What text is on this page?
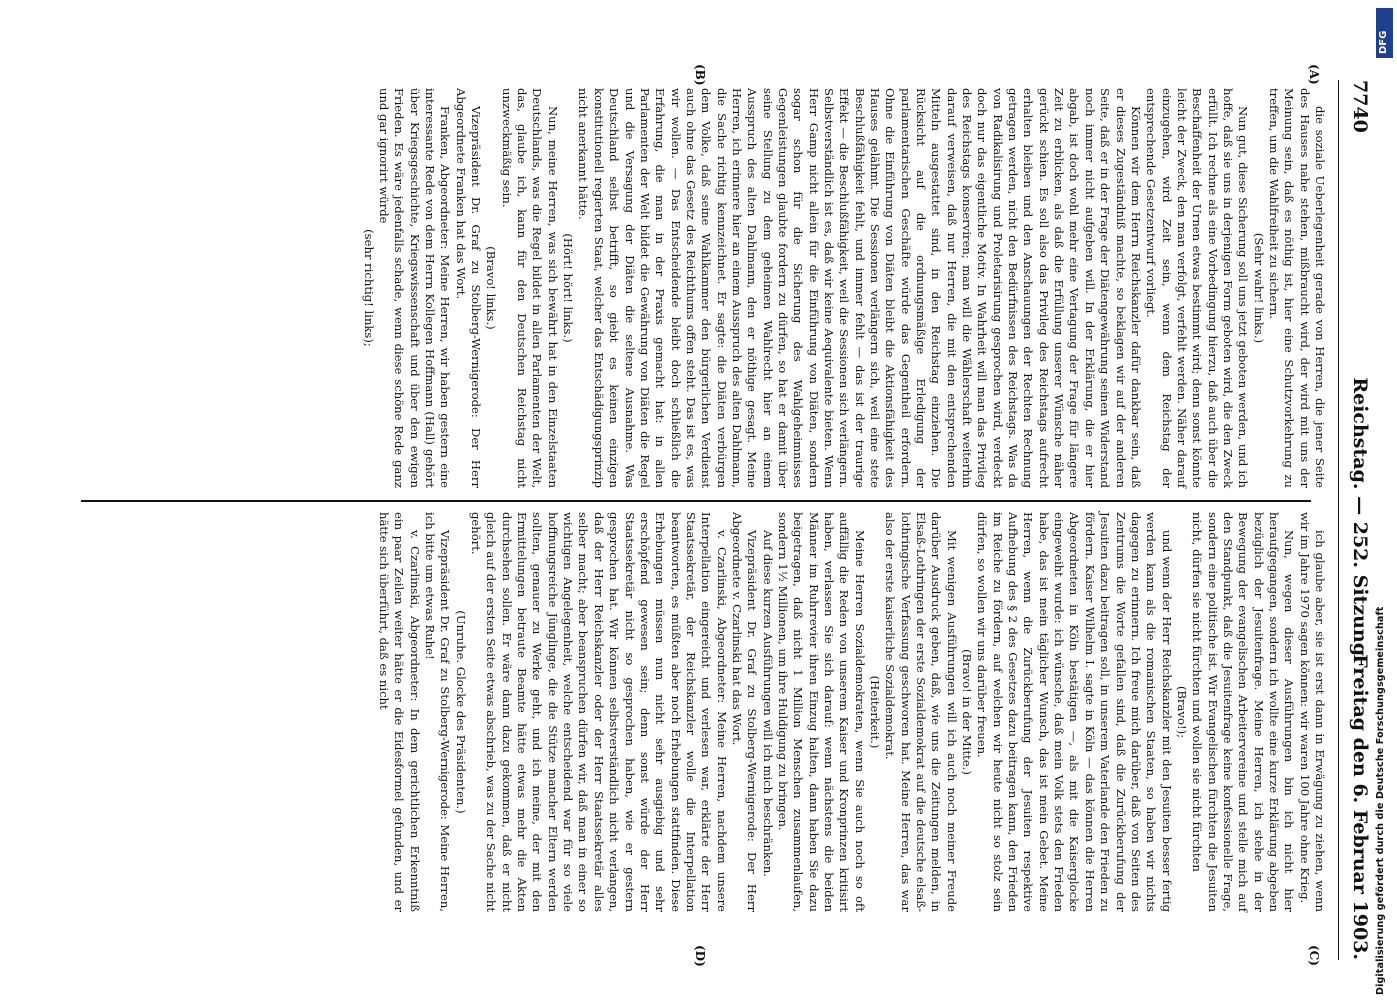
7740
Reichstag. — 252. Sitzung.
Freitag den 6. Februar 1903.
(A)
(B)
(C)
(D)

die soziale Ueberlegenheit gerade von Herren, die jener Seite des Hauses nahe stehen, mißbraucht wird, der wird mit uns der Meinung sein, daß es nöthig ist, hier eine Schutzvorkehrung zu treffen, um die Wahlfreiheit zu sichern.

(Sehr wahr! links.)

Nun gut, diese Sicherung soll uns jetzt geboten werden, und ich hoffe, daß sie uns in derjenigen Form geboten wird, die den Zweck erfüllt. Ich rechne als eine Vorbedingung hierzu, daß auch über die Beschaffenheit der Urnen etwas bestimmt wird; denn sonst könnte leicht der Zweck, den man verfolgt, verfehlt werden. Näher darauf einzugehen, wird Zeit sein, wenn dem Reichstag der entsprechende Gesetzentwurf vorliegt.

Können wir dem Herrn Reichskanzler dafür dankbar sein, daß er dieses Zugeständniß machte, so beklagen wir auf der anderen Seite, daß er in der Frage der Diätengewährung seinen Widerstand noch immer nicht aufgeben will. In der Erklärung, die er hier abgab, ist doch wohl mehr eine Vertagung der Frage für längere Zeit zu erblicken, als daß die Erfüllung unserer Wünsche näher gerückt schien. Es soll also das Privileg des Reichstags aufrecht erhalten bleiben und den Anschauungen der Rechten Rechnung getragen werden, nicht den Bedürfnissen des Reichstags. Was da von Radikalisirung und Proletarisirung gesprochen wird, verdeckt doch nur das eigentliche Motiv. In Wahrheit will man das Privileg des Reichstags konserviren; man will die Wählerschaft weiterhin darauf verweisen, daß nur Herren, die mit den entsprechenden Mitteln ausgestattet sind, in den Reichstag einziehen. Die Rücksicht auf die ordnungsmäßige Erledigung der parlamentarischen Geschäfte würde das Gegentheil erfordern. Ohne die Einführung von Diäten bleibt die Aktionsfähigkeit des Hauses gelähmt. Die Sessionen verlängern sich, weil eine stete Beschlußfähigkeit fehlt, und immer fehlt — das ist der traurige Effekt — die Beschlußfähigkeit, weil die Sessionen sich verlängern. Selbstverständlich ist es, daß wir keine Aequivalente bieten. Wenn Herr Gamp nicht allein für die Einführung von Diäten, sondern sogar schon für die Sicherung des Wahlgeheimnisses Gegenleistungen glaubte fordern zu dürfen, so hat er damit über seine Stellung zu dem geheimen Wahlrecht hier an einem Ausspruch des alten Dahlmann, den er nöthige gesagt. Meine Herren, ich erinnere hier an einem Ausspruch des alten Dahlmann, die Sache richtig kennzeichnet. Er sagte: die Diäten verbürgen dem Volke, daß seine Wahlkammer den bürgerlichen Verdienst auch ohne das Gesetz des Reichthums offen steht. Das ist es, was wir wollen. — Das Entscheidende bleibt doch schließlich die Erfahrung, die man in der Praxis gemacht hat: in allen Parlamenten der Welt bildet die Gewährung von Diäten die Regel und die Versagung der Diäten die seltene Ausnahme. Was Deutschland selbst betrifft, so giebt es keinen einzigen konstitutionell regierten Staat, welcher das Entschädigungsprinzip nicht anerkannt hätte.

(Hört! hört! links.)

Nun, meine Herren, was sich bewährt hat in den Einzelstaaten Deutschlands, was die Regel bildet in allen Parlamenten der Welt, das, glaube ich, kann für den Deutschen Reichstag nicht unzweckmäßig sein.

(Bravo! links.)

Vizepräsident Dr. Graf zu Stolberg-Wernigerode: Der Herr Abgeordnete Franken hat das Wort.

Franken, Abgeordneter: Meine Herren, wir haben gestern eine interessante Rede von dem Herrn Kollegen Hoffmann (Hall) gehört über Kriegsgeschichte, Kriegswissenschaft und über den ewigen Frieden. Es wäre jedenfalls schade, wenn diese schöne Rede ganz und gar ignorirt würde

(sehr richtig! links);

ich glaube aber, sie ist erst dann in Erwägung zu ziehen, wenn wir im Jahre 1970 sagen können: wir waren 100 Jahre ohne Krieg.

Nun, wegen dieser Ausführungen bin ich nicht hier heraufgegangen, sondern ich wollte eine kurze Erklärung abgeben bezüglich der Jesuitenfrage. Meine Herren, ich stehe in der Bewegung der evangelischen Arbeitervereine und stelle mich auf den Standpunkt, daß die Jesuitenfrage keine konfessionelle Frage, sondern eine politische ist. Wir Evangelischen fürchten die Jesuiten nicht, dürfen sie nicht fürchten und wollen sie nicht fürchten

(Bravo!);

und wenn der Herr Reichskanzler mit den Jesuiten besser fertig werden kann als die romanischen Staaten, so haben wir nichts dagegen zu erinnern. Ich freue mich darüber, daß von Seiten des Zentrums die Worte gefallen sind, daß die Zurückberufung der Jesuiten dazu beitragen soll, in unserem Vaterlande den Frieden zu fördern. Kaiser Wilhelm I. sagte in Köln — das können die Herren Abgeordneten in Köln bestätigen —, als mit die Kaiserglocke eingeweiht wurde: ich wünsche, daß mein Volk stets den Frieden habe, das ist mein täglicher Wunsch, das ist mein Gebet. Meine Herren, wenn die Zurückberufung der Jesuiten respektive Aufhebung des § 2 des Gesetzes dazu beitragen kann, den Frieden im Reiche zu fördern, auf welchen wir heute nicht so stolz sein dürfen, so wollen wir uns darüber freuen.

(Bravo! in der Mitte.)

Mit wenigen Ausführungen will ich auch noch meiner Freude darüber Ausdruck geben, daß, wie uns die Zeitungen melden, in Elsaß-Lothringen der erste Sozialdemokrat auf die deutsche elsaß-lothringische Verfassung geschworen hat. Meine Herren, das war also der erste kaiserliche Sozialdemokrat.

(Heiterkeit.)

Meine Herren Sozialdemokraten, wenn Sie auch noch so oft auffällig die Reden von unserem Kaiser und Kronprinzen kritisirt haben, verlassen Sie sich darauf: wenn nächstens die beiden Männer im Ruhrrevier ihren Einzug halten, dann haben Sie dazu beigetragen, daß nicht 1 Million Menschen zusammenlaufen, sondern 1½ Millionen, um ihre Huldigung zu bringen.

Auf diese kurzen Ausführungen will ich mich beschränken.

Vizepräsident Dr. Graf zu Stolberg-Wernigerode: Der Herr Abgeordnete v. Czarlinski hat das Wort.

v. Czarlinski, Abgeordneter: Meine Herren, nachdem unsere Interpellation eingereicht und verlesen war, erklärte der Herr Staatssekretär, der Reichskanzler wolle die Interpellation beantworten, es müßten aber noch Erhebungen stattfinden. Diese Erhebungen müssen nun nicht sehr ausgiebig und sehr erschöpfend gewesen sein; denn sonst würde der Herr Staatssekretär nicht so gesprochen haben, wie er gestern gesprochen hat. Wir können selbstverständlich nicht verlangen, daß der Herr Reichskanzler oder der Herr Staatssekretär alles selber macht; aber beanspruchen dürfen wir, daß man in einer so wichtigen Angelegenheit, welche entscheidend war für so viele hoffnungsreiche Jünglinge, die die Stütze mancher Eltern werden sollten, genauer zu Werke geht, und ich meine, der mit den Ermittelungen betraute Beamte hätte etwas mehr die Akten durchsehen sollen. Er wäre dann dazu gekommen, daß er nicht gleich auf der ersten Seite etwas abschrieb, was zu der Sache nicht gehört.

(Unruhe. Glocke des Präsidenten.)

Vizepräsident Dr. Graf zu Stolberg-Wernigerode: Meine Herren, ich bitte um etwas Ruhe!

v. Czarlinski, Abgeordneter: In dem gerichtlichen Erkenntniß ein paar Zeilen weiter hätte er die Eidesformel gefunden, und er hätte sich überführt, daß es nicht

DFG
Digitalisierung gefördert durch die Deutsche Forschungsgemeinschaft
